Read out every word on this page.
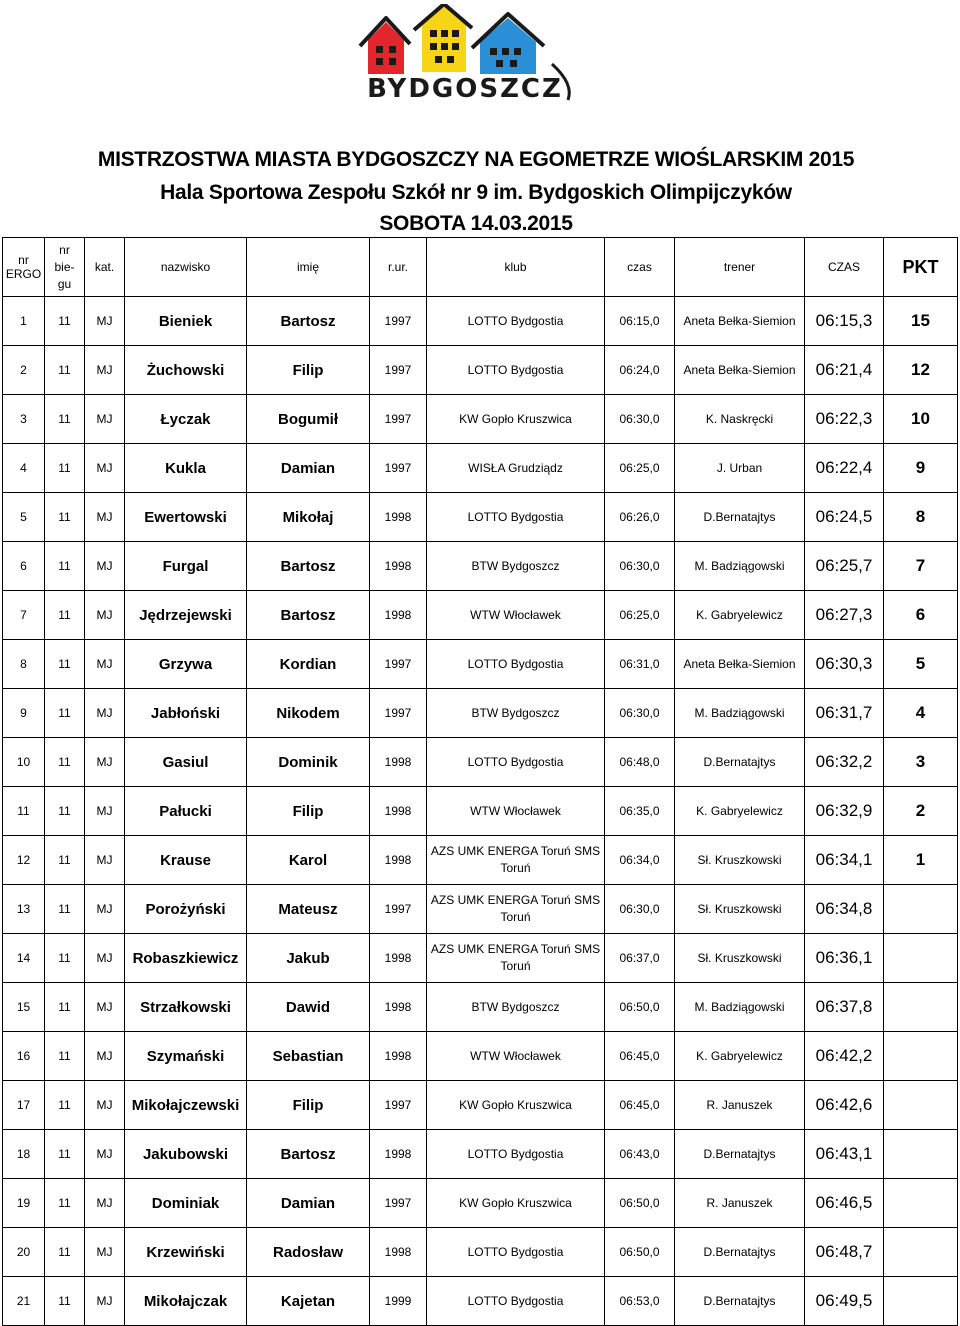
BYDGOSZCZ
MISTRZOSTWA MIASTA BYDGOSZCZY NA EGOMETRZE WIOŚLARSKIM 2015
Hala Sportowa Zespołu Szkół nr 9 im. Bydgoskich Olimpijczyków
SOBOTA 14.03.2015
nr
ERGO	nr
bie-
gu	kat.	nazwisko	imię	r.ur.	klub	czas	trener	CZAS	PKT
1	11	MJ	Bieniek	Bartosz	1997	LOTTO Bydgostia	06:15,0	Aneta Bełka-Siemion	06:15,3	15
2	11	MJ	Żuchowski	Filip	1997	LOTTO Bydgostia	06:24,0	Aneta Bełka-Siemion	06:21,4	12
3	11	MJ	Łyczak	Bogumił	1997	KW Gopło Kruszwica	06:30,0	K. Naskręcki	06:22,3	10
4	11	MJ	Kukla	Damian	1997	WISŁA Grudziądz	06:25,0	J. Urban	06:22,4	9
5	11	MJ	Ewertowski	Mikołaj	1998	LOTTO Bydgostia	06:26,0	D.Bernatajtys	06:24,5	8
6	11	MJ	Furgal	Bartosz	1998	BTW Bydgoszcz	06:30,0	M. Badziągowski	06:25,7	7
7	11	MJ	Jędrzejewski	Bartosz	1998	WTW Włocławek	06:25,0	K. Gabryelewicz	06:27,3	6
8	11	MJ	Grzywa	Kordian	1997	LOTTO Bydgostia	06:31,0	Aneta Bełka-Siemion	06:30,3	5
9	11	MJ	Jabłoński	Nikodem	1997	BTW Bydgoszcz	06:30,0	M. Badziągowski	06:31,7	4
10	11	MJ	Gasiul	Dominik	1998	LOTTO Bydgostia	06:48,0	D.Bernatajtys	06:32,2	3
11	11	MJ	Pałucki	Filip	1998	WTW Włocławek	06:35,0	K. Gabryelewicz	06:32,9	2
12	11	MJ	Krause	Karol	1998	AZS UMK ENERGA Toruń SMS
Toruń	06:34,0	Sł. Kruszkowski	06:34,1	1
13	11	MJ	Porożyński	Mateusz	1997	AZS UMK ENERGA Toruń SMS
Toruń	06:30,0	Sł. Kruszkowski	06:34,8	
14	11	MJ	Robaszkiewicz	Jakub	1998	AZS UMK ENERGA Toruń SMS
Toruń	06:37,0	Sł. Kruszkowski	06:36,1	
15	11	MJ	Strzałkowski	Dawid	1998	BTW Bydgoszcz	06:50,0	M. Badziągowski	06:37,8	
16	11	MJ	Szymański	Sebastian	1998	WTW Włocławek	06:45,0	K. Gabryelewicz	06:42,2	
17	11	MJ	Mikołajczewski	Filip	1997	KW Gopło Kruszwica	06:45,0	R. Januszek	06:42,6	
18	11	MJ	Jakubowski	Bartosz	1998	LOTTO Bydgostia	06:43,0	D.Bernatajtys	06:43,1	
19	11	MJ	Dominiak	Damian	1997	KW Gopło Kruszwica	06:50,0	R. Januszek	06:46,5	
20	11	MJ	Krzewiński	Radosław	1998	LOTTO Bydgostia	06:50,0	D.Bernatajtys	06:48,7	
21	11	MJ	Mikołajczak	Kajetan	1999	LOTTO Bydgostia	06:53,0	D.Bernatajtys	06:49,5	
